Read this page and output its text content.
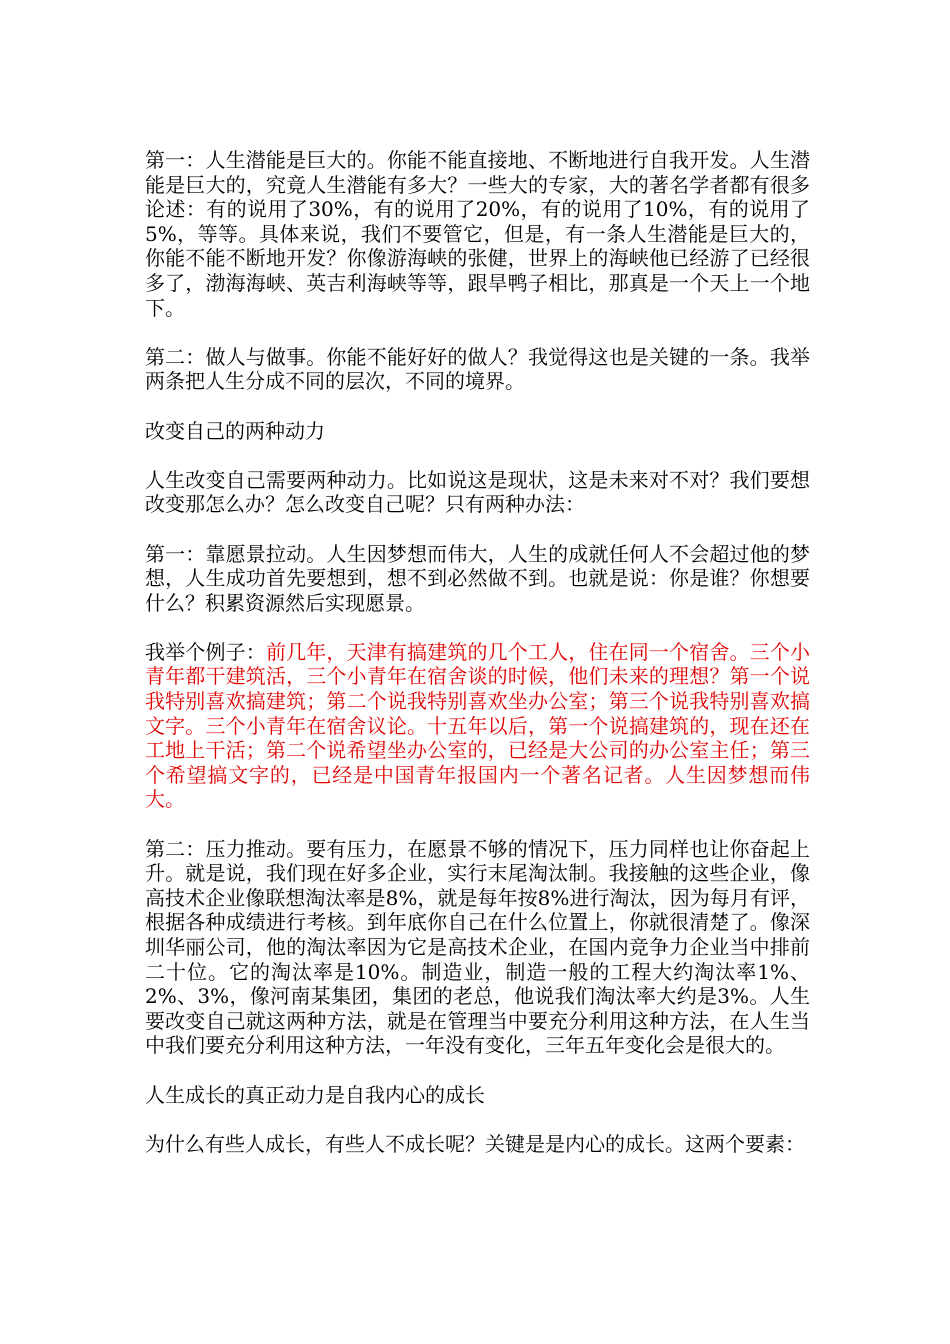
第一：人生潜能是巨大的。你能不能直接地、不断地进行自我开发。人生潜能是巨大的，究竟人生潜能有多大？一些大的专家，大的著名学者都有很多论述：有的说用了30%，有的说用了20%，有的说用了10%，有的说用了5%，等等。具体来说，我们不要管它，但是，有一条人生潜能是巨大的，你能不能不断地开发？你像游海峡的张健，世界上的海峡他已经游了已经很多了，渤海海峡、英吉利海峡等等，跟旱鸭子相比，那真是一个天上一个地下。

第二：做人与做事。你能不能好好的做人？我觉得这也是关键的一条。我举两条把人生分成不同的层次，不同的境界。

改变自己的两种动力

人生改变自己需要两种动力。比如说这是现状，这是未来对不对？我们要想改变那怎么办？怎么改变自己呢？只有两种办法：

第一：靠愿景拉动。人生因梦想而伟大，人生的成就任何人不会超过他的梦想，人生成功首先要想到，想不到必然做不到。也就是说：你是谁？你想要什么？积累资源然后实现愿景。

我举个例子：前几年，天津有搞建筑的几个工人，住在同一个宿舍。三个小青年都干建筑活，三个小青年在宿舍谈的时候，他们未来的理想？第一个说我特别喜欢搞建筑；第二个说我特别喜欢坐办公室；第三个说我特别喜欢搞文字。三个小青年在宿舍议论。十五年以后，第一个说搞建筑的，现在还在工地上干活；第二个说希望坐办公室的，已经是大公司的办公室主任；第三个希望搞文字的，已经是中国青年报国内一个著名记者。人生因梦想而伟大。

第二：压力推动。要有压力，在愿景不够的情况下，压力同样也让你奋起上升。就是说，我们现在好多企业，实行末尾淘汰制。我接触的这些企业，像高技术企业像联想淘汰率是8%，就是每年按8%进行淘汰，因为每月有评，根据各种成绩进行考核。到年底你自己在什么位置上，你就很清楚了。像深圳华丽公司，他的淘汰率因为它是高技术企业，在国内竞争力企业当中排前二十位。它的淘汰率是10%。制造业，制造一般的工程大约淘汰率1%、2%、3%，像河南某集团，集团的老总，他说我们淘汰率大约是3%。人生要改变自己就这两种方法，就是在管理当中要充分利用这种方法，在人生当中我们要充分利用这种方法，一年没有变化，三年五年变化会是很大的。

人生成长的真正动力是自我内心的成长

为什么有些人成长，有些人不成长呢？关键是是内心的成长。这两个要素：
